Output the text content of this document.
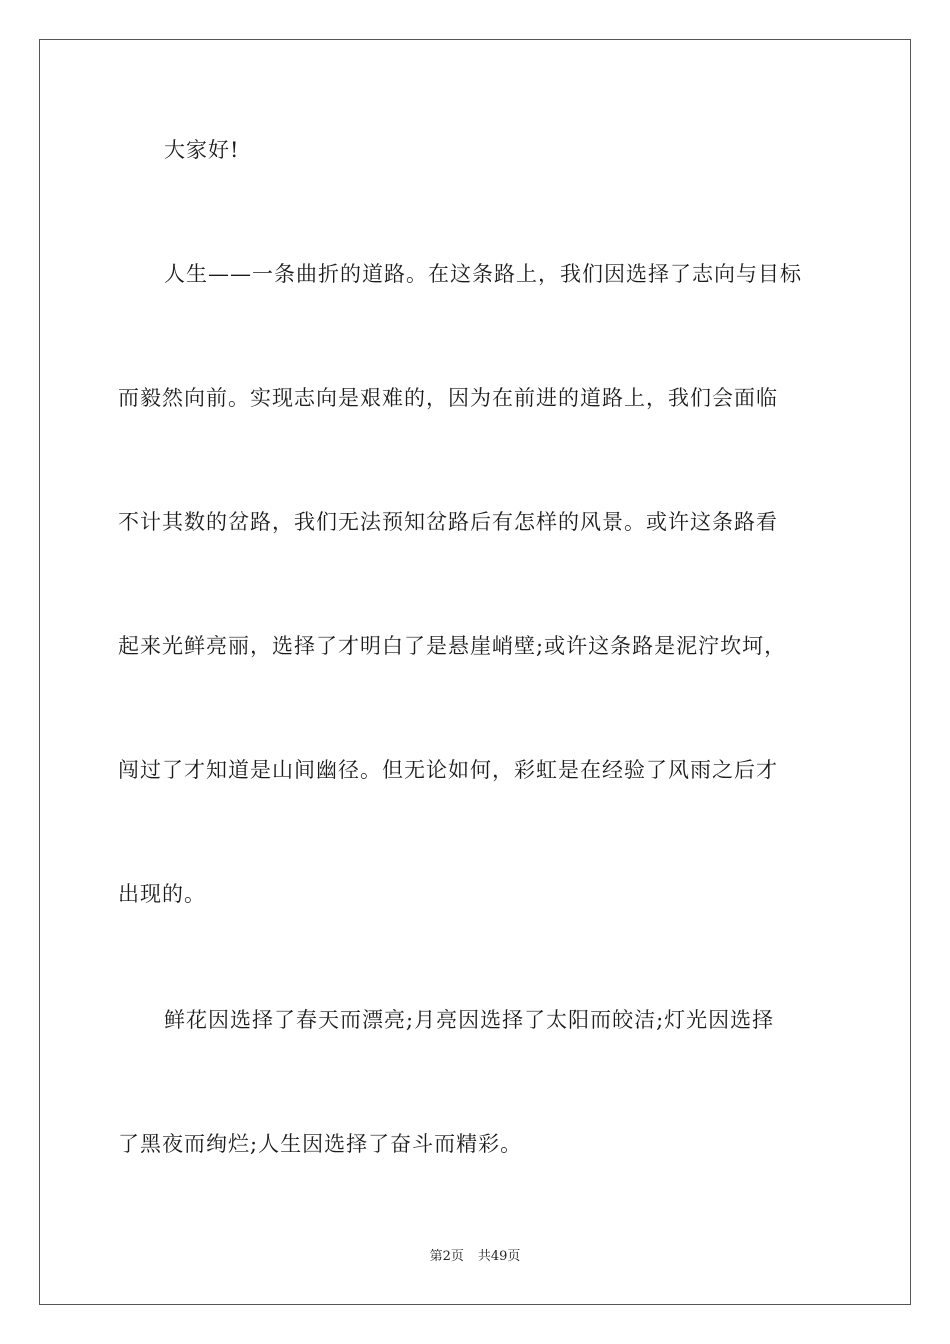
大家好!
人生——一条曲折的道路。在这条路上，我们因选择了志向与目标
而毅然向前。实现志向是艰难的，因为在前进的道路上，我们会面临
不计其数的岔路，我们无法预知岔路后有怎样的风景。或许这条路看
起来光鲜亮丽，选择了才明白了是悬崖峭壁;或许这条路是泥泞坎坷，
闯过了才知道是山间幽径。但无论如何，彩虹是在经验了风雨之后才
出现的。
鲜花因选择了春天而漂亮;月亮因选择了太阳而皎洁;灯光因选择
了黑夜而绚烂;人生因选择了奋斗而精彩。
第2页 共49页
